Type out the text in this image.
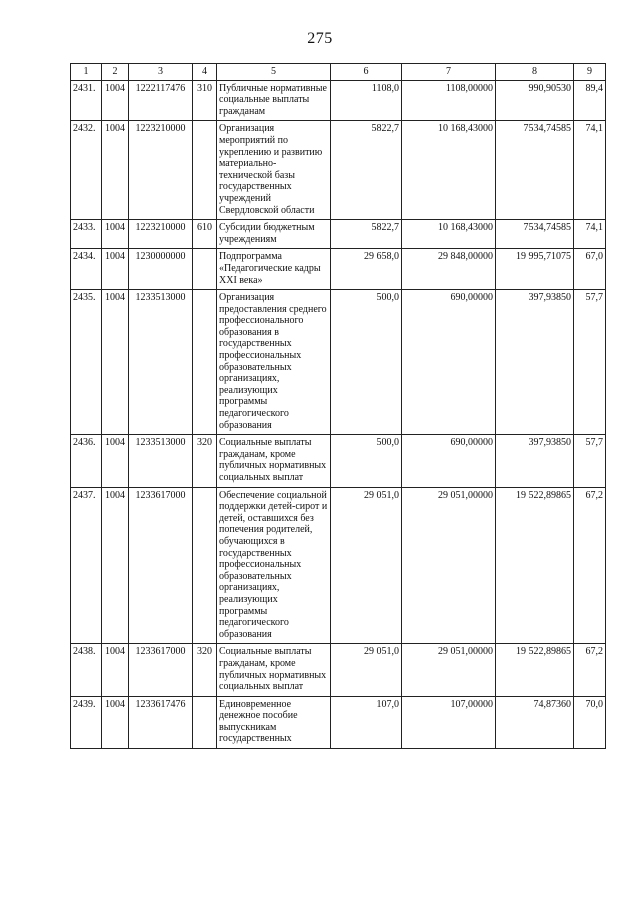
275
1	2	3	4	5	6	7	8	9
2431.	1004	1222117476	310	Публичные нормативные социальные выплаты гражданам	1108,0	1108,00000	990,90530	89,4
2432.	1004	1223210000		Организация мероприятий по укреплению и развитию материально-технической базы государственных учреждений Свердловской области	5822,7	10 168,43000	7534,74585	74,1
2433.	1004	1223210000	610	Субсидии бюджетным учреждениям	5822,7	10 168,43000	7534,74585	74,1
2434.	1004	1230000000		Подпрограмма «Педагогические кадры XXI века»	29 658,0	29 848,00000	19 995,71075	67,0
2435.	1004	1233513000		Организация предоставления среднего профессионального образования в государственных профессиональных образовательных организациях, реализующих программы педагогического образования	500,0	690,00000	397,93850	57,7
2436.	1004	1233513000	320	Социальные выплаты гражданам, кроме публичных нормативных социальных выплат	500,0	690,00000	397,93850	57,7
2437.	1004	1233617000		Обеспечение социальной поддержки детей-сирот и детей, оставшихся без попечения родителей, обучающихся в государственных профессиональных образовательных организациях, реализующих программы педагогического образования	29 051,0	29 051,00000	19 522,89865	67,2
2438.	1004	1233617000	320	Социальные выплаты гражданам, кроме публичных нормативных социальных выплат	29 051,0	29 051,00000	19 522,89865	67,2
2439.	1004	1233617476		Единовременное денежное пособие выпускникам государственных	107,0	107,00000	74,87360	70,0
